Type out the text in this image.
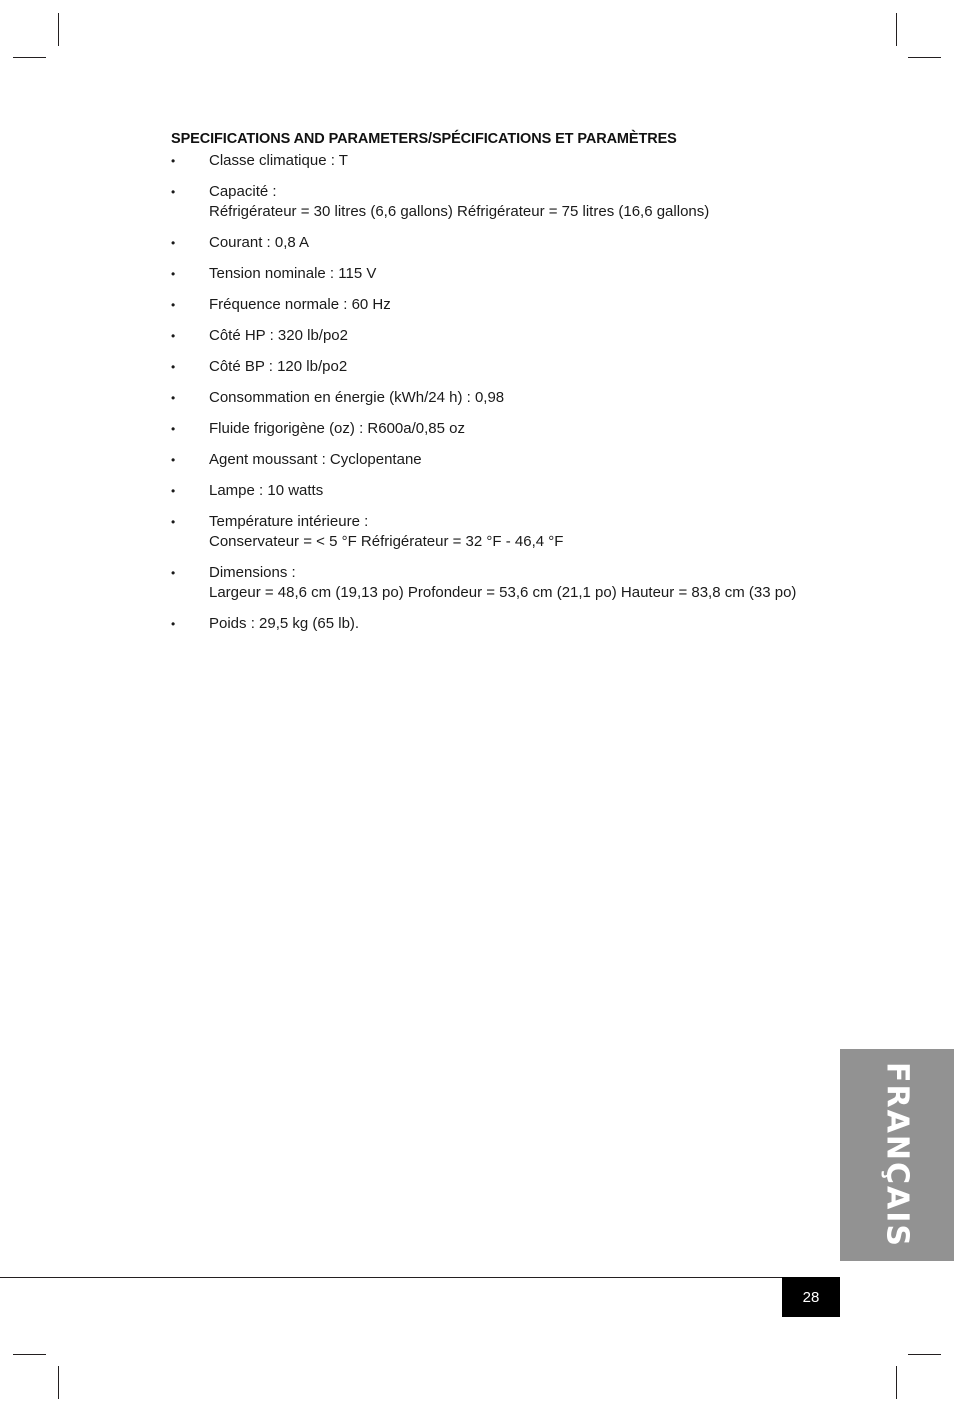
SPECIFICATIONS AND PARAMETERS/SPÉCIFICATIONS ET PARAMÈTRES
•	Classe climatique : T
•	Capacité :
Réfrigérateur = 30 litres (6,6 gallons) Réfrigérateur = 75 litres (16,6 gallons)
•	Courant : 0,8 A
•	Tension nominale : 115 V
•	Fréquence normale : 60 Hz
•	Côté HP : 320 lb/po2
•	Côté BP : 120 lb/po2
•	Consommation en énergie (kWh/24 h) : 0,98
•	Fluide frigorigène (oz) : R600a/0,85 oz
•	Agent moussant : Cyclopentane
•	Lampe : 10 watts
•	Température intérieure :
Conservateur = < 5 °F Réfrigérateur = 32 °F - 46,4 °F
•	Dimensions :
Largeur = 48,6 cm (19,13 po) Profondeur = 53,6 cm (21,1 po) Hauteur = 83,8 cm (33 po)
•	Poids : 29,5 kg (65 lb).
FRANÇAIS
28
